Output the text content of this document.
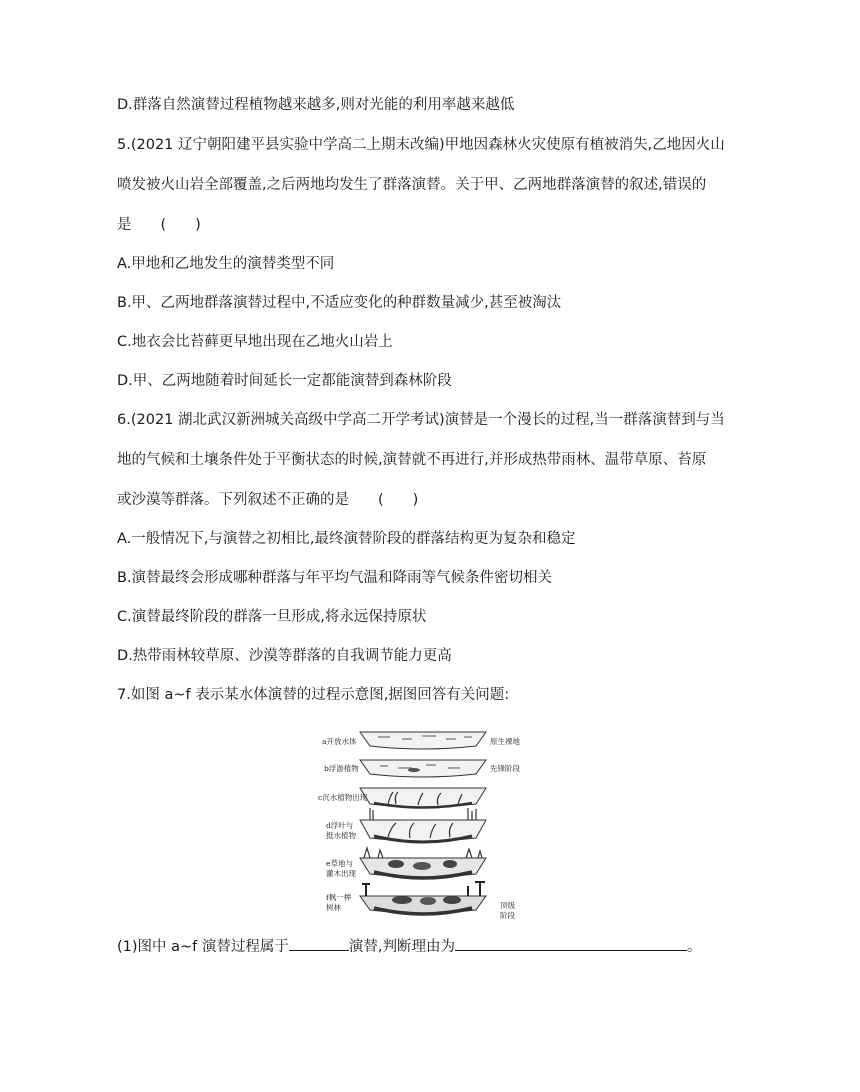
D.群落自然演替过程植物越来越多,则对光能的利用率越来越低
5.(2021 辽宁朝阳建平县实验中学高二上期末改编)甲地因森林火灾使原有植被消失,乙地因火山
喷发被火山岩全部覆盖,之后两地均发生了群落演替。关于甲、乙两地群落演替的叙述,错误的
是　　(　　)
A.甲地和乙地发生的演替类型不同
B.甲、乙两地群落演替过程中,不适应变化的种群数量减少,甚至被淘汰
C.地衣会比苔藓更早地出现在乙地火山岩上
D.甲、乙两地随着时间延长一定都能演替到森林阶段
6.(2021 湖北武汉新洲城关高级中学高二开学考试)演替是一个漫长的过程,当一群落演替到与当
地的气候和土壤条件处于平衡状态的时候,演替就不再进行,并形成热带雨林、温带草原、苔原
或沙漠等群落。下列叙述不正确的是　　(　　)
A.一般情况下,与演替之初相比,最终演替阶段的群落结构更为复杂和稳定
B.演替最终会形成哪种群落与年平均气温和降雨等气候条件密切相关
C.演替最终阶段的群落一旦形成,将永远保持原状
D.热带雨林较草原、沙漠等群落的自我调节能力更高
7.如图 a~f 表示某水体演替的过程示意图,据图回答有关问题:
a开放水体	原生裸地
b浮游植物	先锋阶段
c沉水植物出现
d浮叶与
挺水植物
e草地与
灌木出现
f枫一榉
树林	顶级
阶段
(1)图中 a~f 演替过程属于	演替,判断理由为	。
